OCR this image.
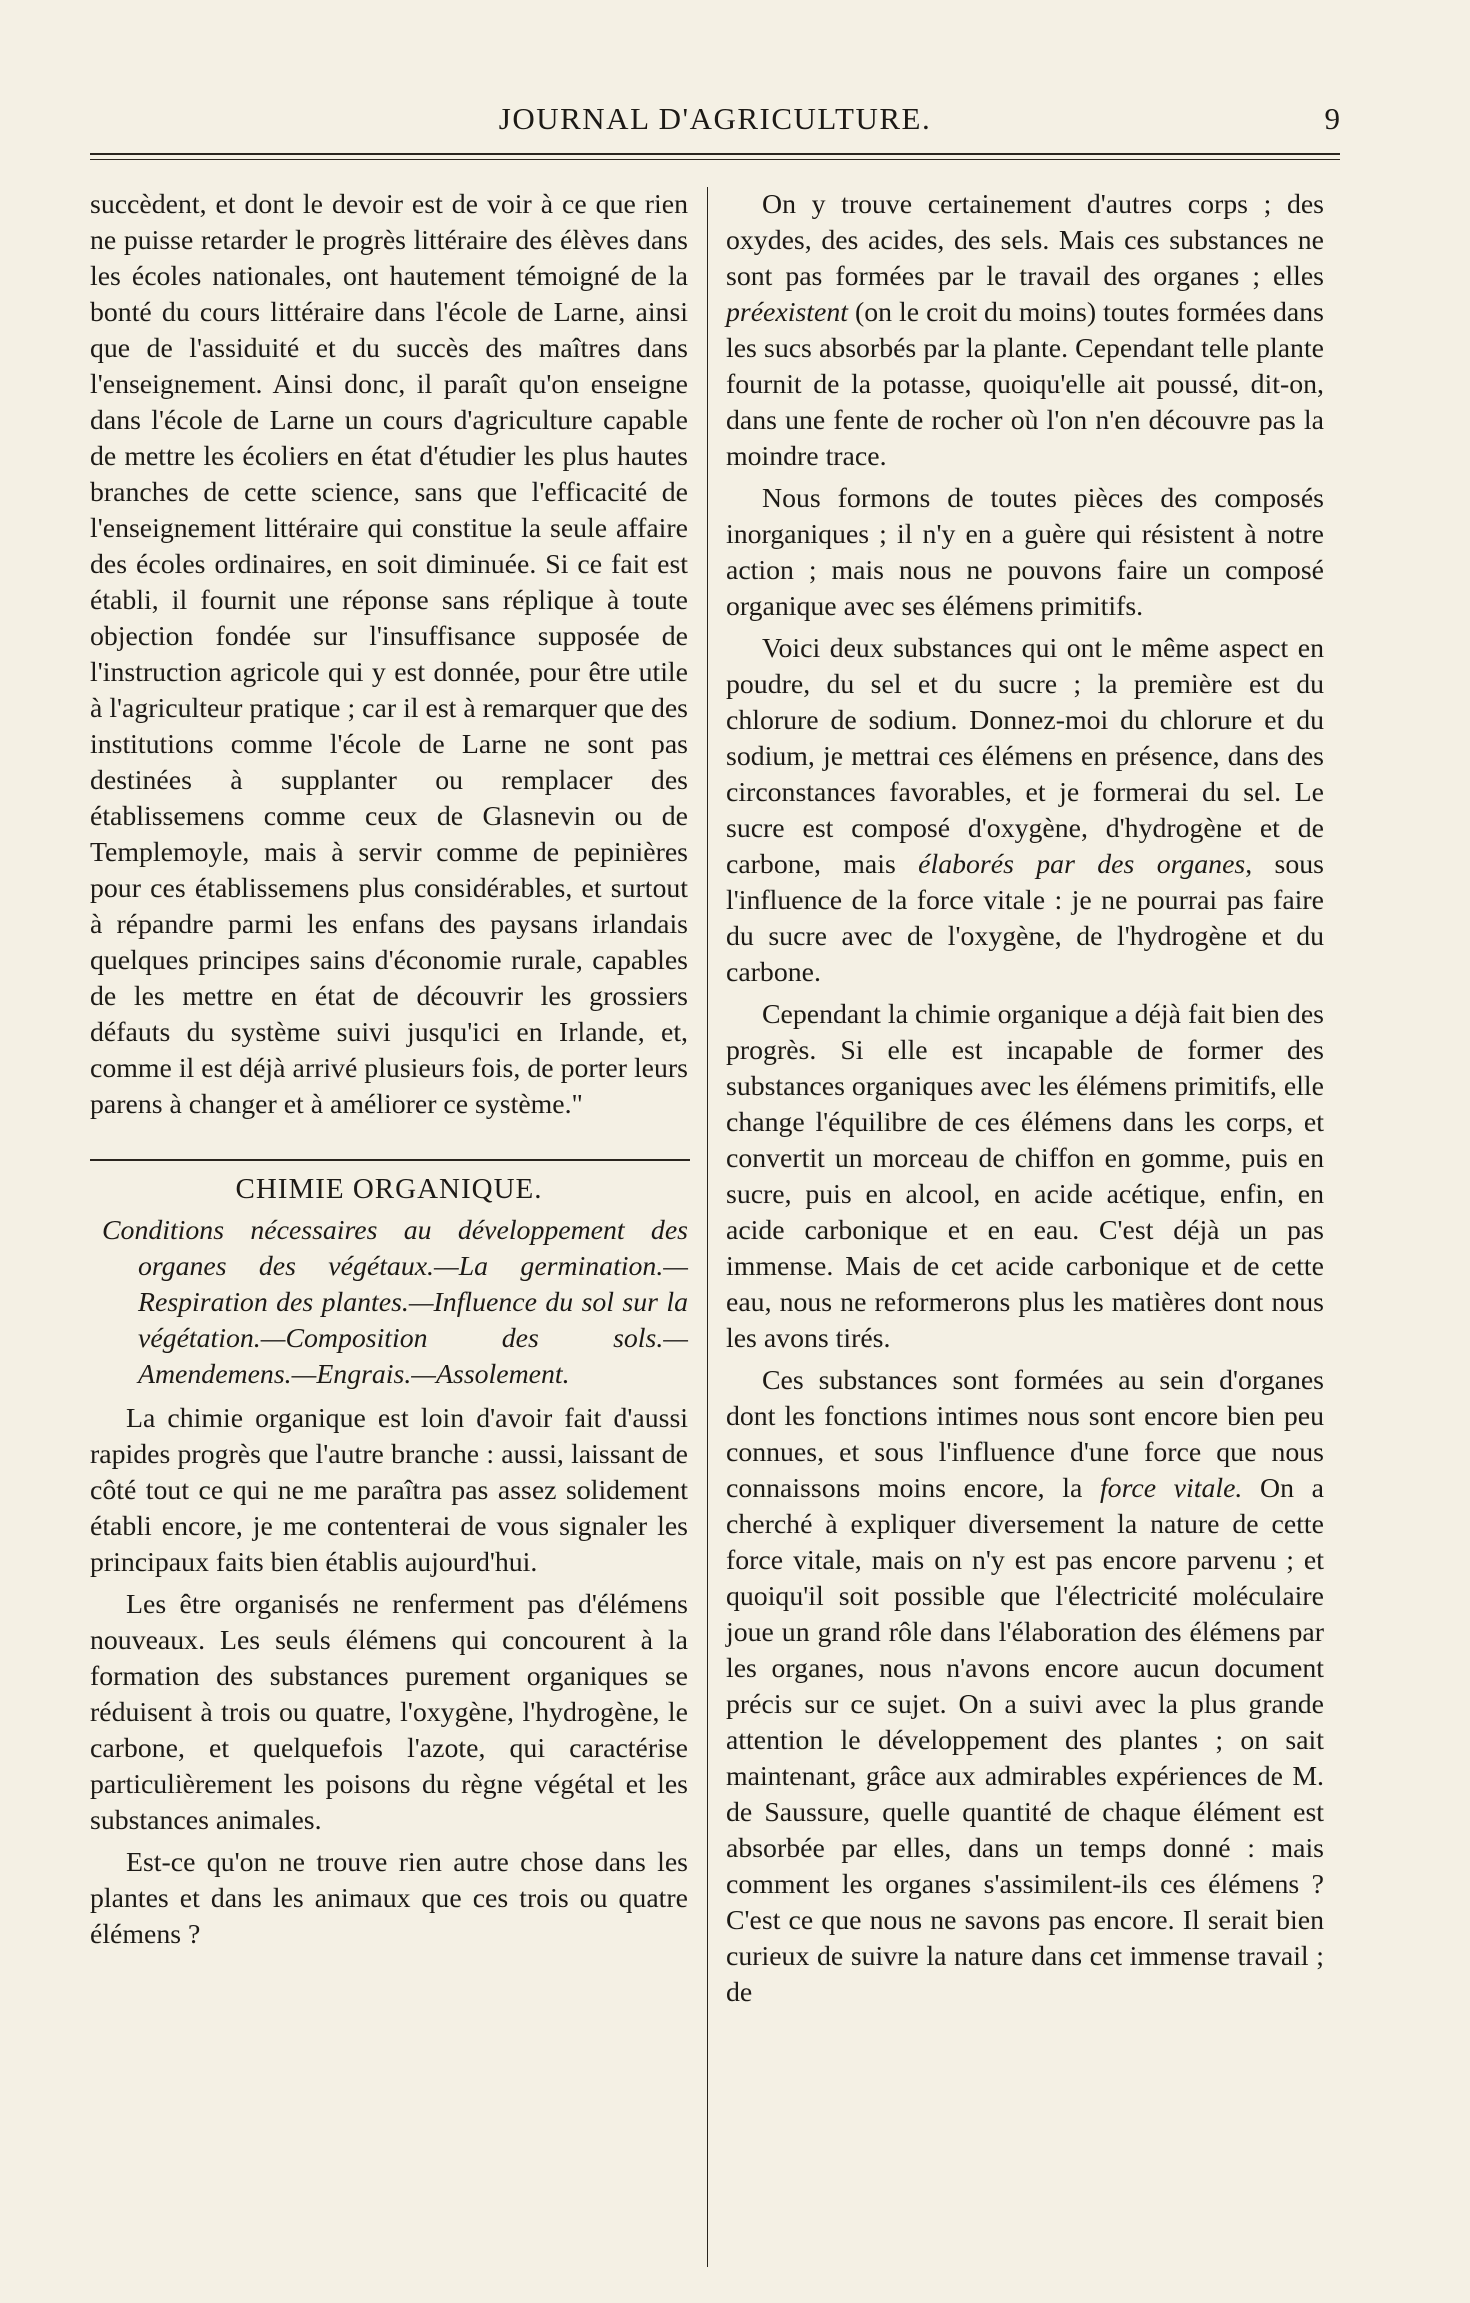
JOURNAL D'AGRICULTURE.	9

succèdent, et dont le devoir est de voir à ce que rien ne puisse retarder le progrès littéraire des élèves dans les écoles nationales, ont hautement témoigné de la bonté du cours littéraire dans l'école de Larne, ainsi que de l'assiduité et du succès des maîtres dans l'enseignement. Ainsi donc, il paraît qu'on enseigne dans l'école de Larne un cours d'agriculture capable de mettre les écoliers en état d'étudier les plus hautes branches de cette science, sans que l'efficacité de l'enseignement littéraire qui constitue la seule affaire des écoles ordinaires, en soit diminuée. Si ce fait est établi, il fournit une réponse sans réplique à toute objection fondée sur l'insuffisance supposée de l'instruction agricole qui y est donnée, pour être utile à l'agriculteur pratique ; car il est à remarquer que des institutions comme l'école de Larne ne sont pas destinées à supplanter ou remplacer des établissemens comme ceux de Glasnevin ou de Templemoyle, mais à servir comme de pepinières pour ces établissemens plus considérables, et surtout à répandre parmi les enfans des paysans irlandais quelques principes sains d'économie rurale, capables de les mettre en état de découvrir les grossiers défauts du système suivi jusqu'ici en Irlande, et, comme il est déjà arrivé plusieurs fois, de porter leurs parens à changer et à améliorer ce système."

CHIMIE ORGANIQUE.

Conditions nécessaires au développement des organes des végétaux.—La germination.—Respiration des plantes.—Influence du sol sur la végétation.—Composition des sols.—Amendemens.—Engrais.—Assolement.

La chimie organique est loin d'avoir fait d'aussi rapides progrès que l'autre branche : aussi, laissant de côté tout ce qui ne me paraîtra pas assez solidement établi encore, je me contenterai de vous signaler les principaux faits bien établis aujourd'hui.

Les être organisés ne renferment pas d'élémens nouveaux. Les seuls élémens qui concourent à la formation des substances purement organiques se réduisent à trois ou quatre, l'oxygène, l'hydrogène, le carbone, et quelquefois l'azote, qui caractérise particulièrement les poisons du règne végétal et les substances animales.

Est-ce qu'on ne trouve rien autre chose dans les plantes et dans les animaux que ces trois ou quatre élémens ?

On y trouve certainement d'autres corps ; des oxydes, des acides, des sels. Mais ces substances ne sont pas formées par le travail des organes ; elles préexistent (on le croit du moins) toutes formées dans les sucs absorbés par la plante. Cependant telle plante fournit de la potasse, quoiqu'elle ait poussé, dit-on, dans une fente de rocher où l'on n'en découvre pas la moindre trace.

Nous formons de toutes pièces des composés inorganiques ; il n'y en a guère qui résistent à notre action ; mais nous ne pouvons faire un composé organique avec ses élémens primitifs.

Voici deux substances qui ont le même aspect en poudre, du sel et du sucre ; la première est du chlorure de sodium. Donnez-moi du chlorure et du sodium, je mettrai ces élémens en présence, dans des circonstances favorables, et je formerai du sel. Le sucre est composé d'oxygène, d'hydrogène et de carbone, mais élaborés par des organes, sous l'influence de la force vitale : je ne pourrai pas faire du sucre avec de l'oxygène, de l'hydrogène et du carbone.

Cependant la chimie organique a déjà fait bien des progrès. Si elle est incapable de former des substances organiques avec les élémens primitifs, elle change l'équilibre de ces élémens dans les corps, et convertit un morceau de chiffon en gomme, puis en sucre, puis en alcool, en acide acétique, enfin, en acide carbonique et en eau. C'est déjà un pas immense. Mais de cet acide carbonique et de cette eau, nous ne reformerons plus les matières dont nous les avons tirés.

Ces substances sont formées au sein d'organes dont les fonctions intimes nous sont encore bien peu connues, et sous l'influence d'une force que nous connaissons moins encore, la force vitale. On a cherché à expliquer diversement la nature de cette force vitale, mais on n'y est pas encore parvenu ; et quoiqu'il soit possible que l'électricité moléculaire joue un grand rôle dans l'élaboration des élémens par les organes, nous n'avons encore aucun document précis sur ce sujet. On a suivi avec la plus grande attention le développement des plantes ; on sait maintenant, grâce aux admirables expériences de M. de Saussure, quelle quantité de chaque élément est absorbée par elles, dans un temps donné : mais comment les organes s'assimilent-ils ces élémens ? C'est ce que nous ne savons pas encore. Il serait bien curieux de suivre la nature dans cet immense travail ; de
